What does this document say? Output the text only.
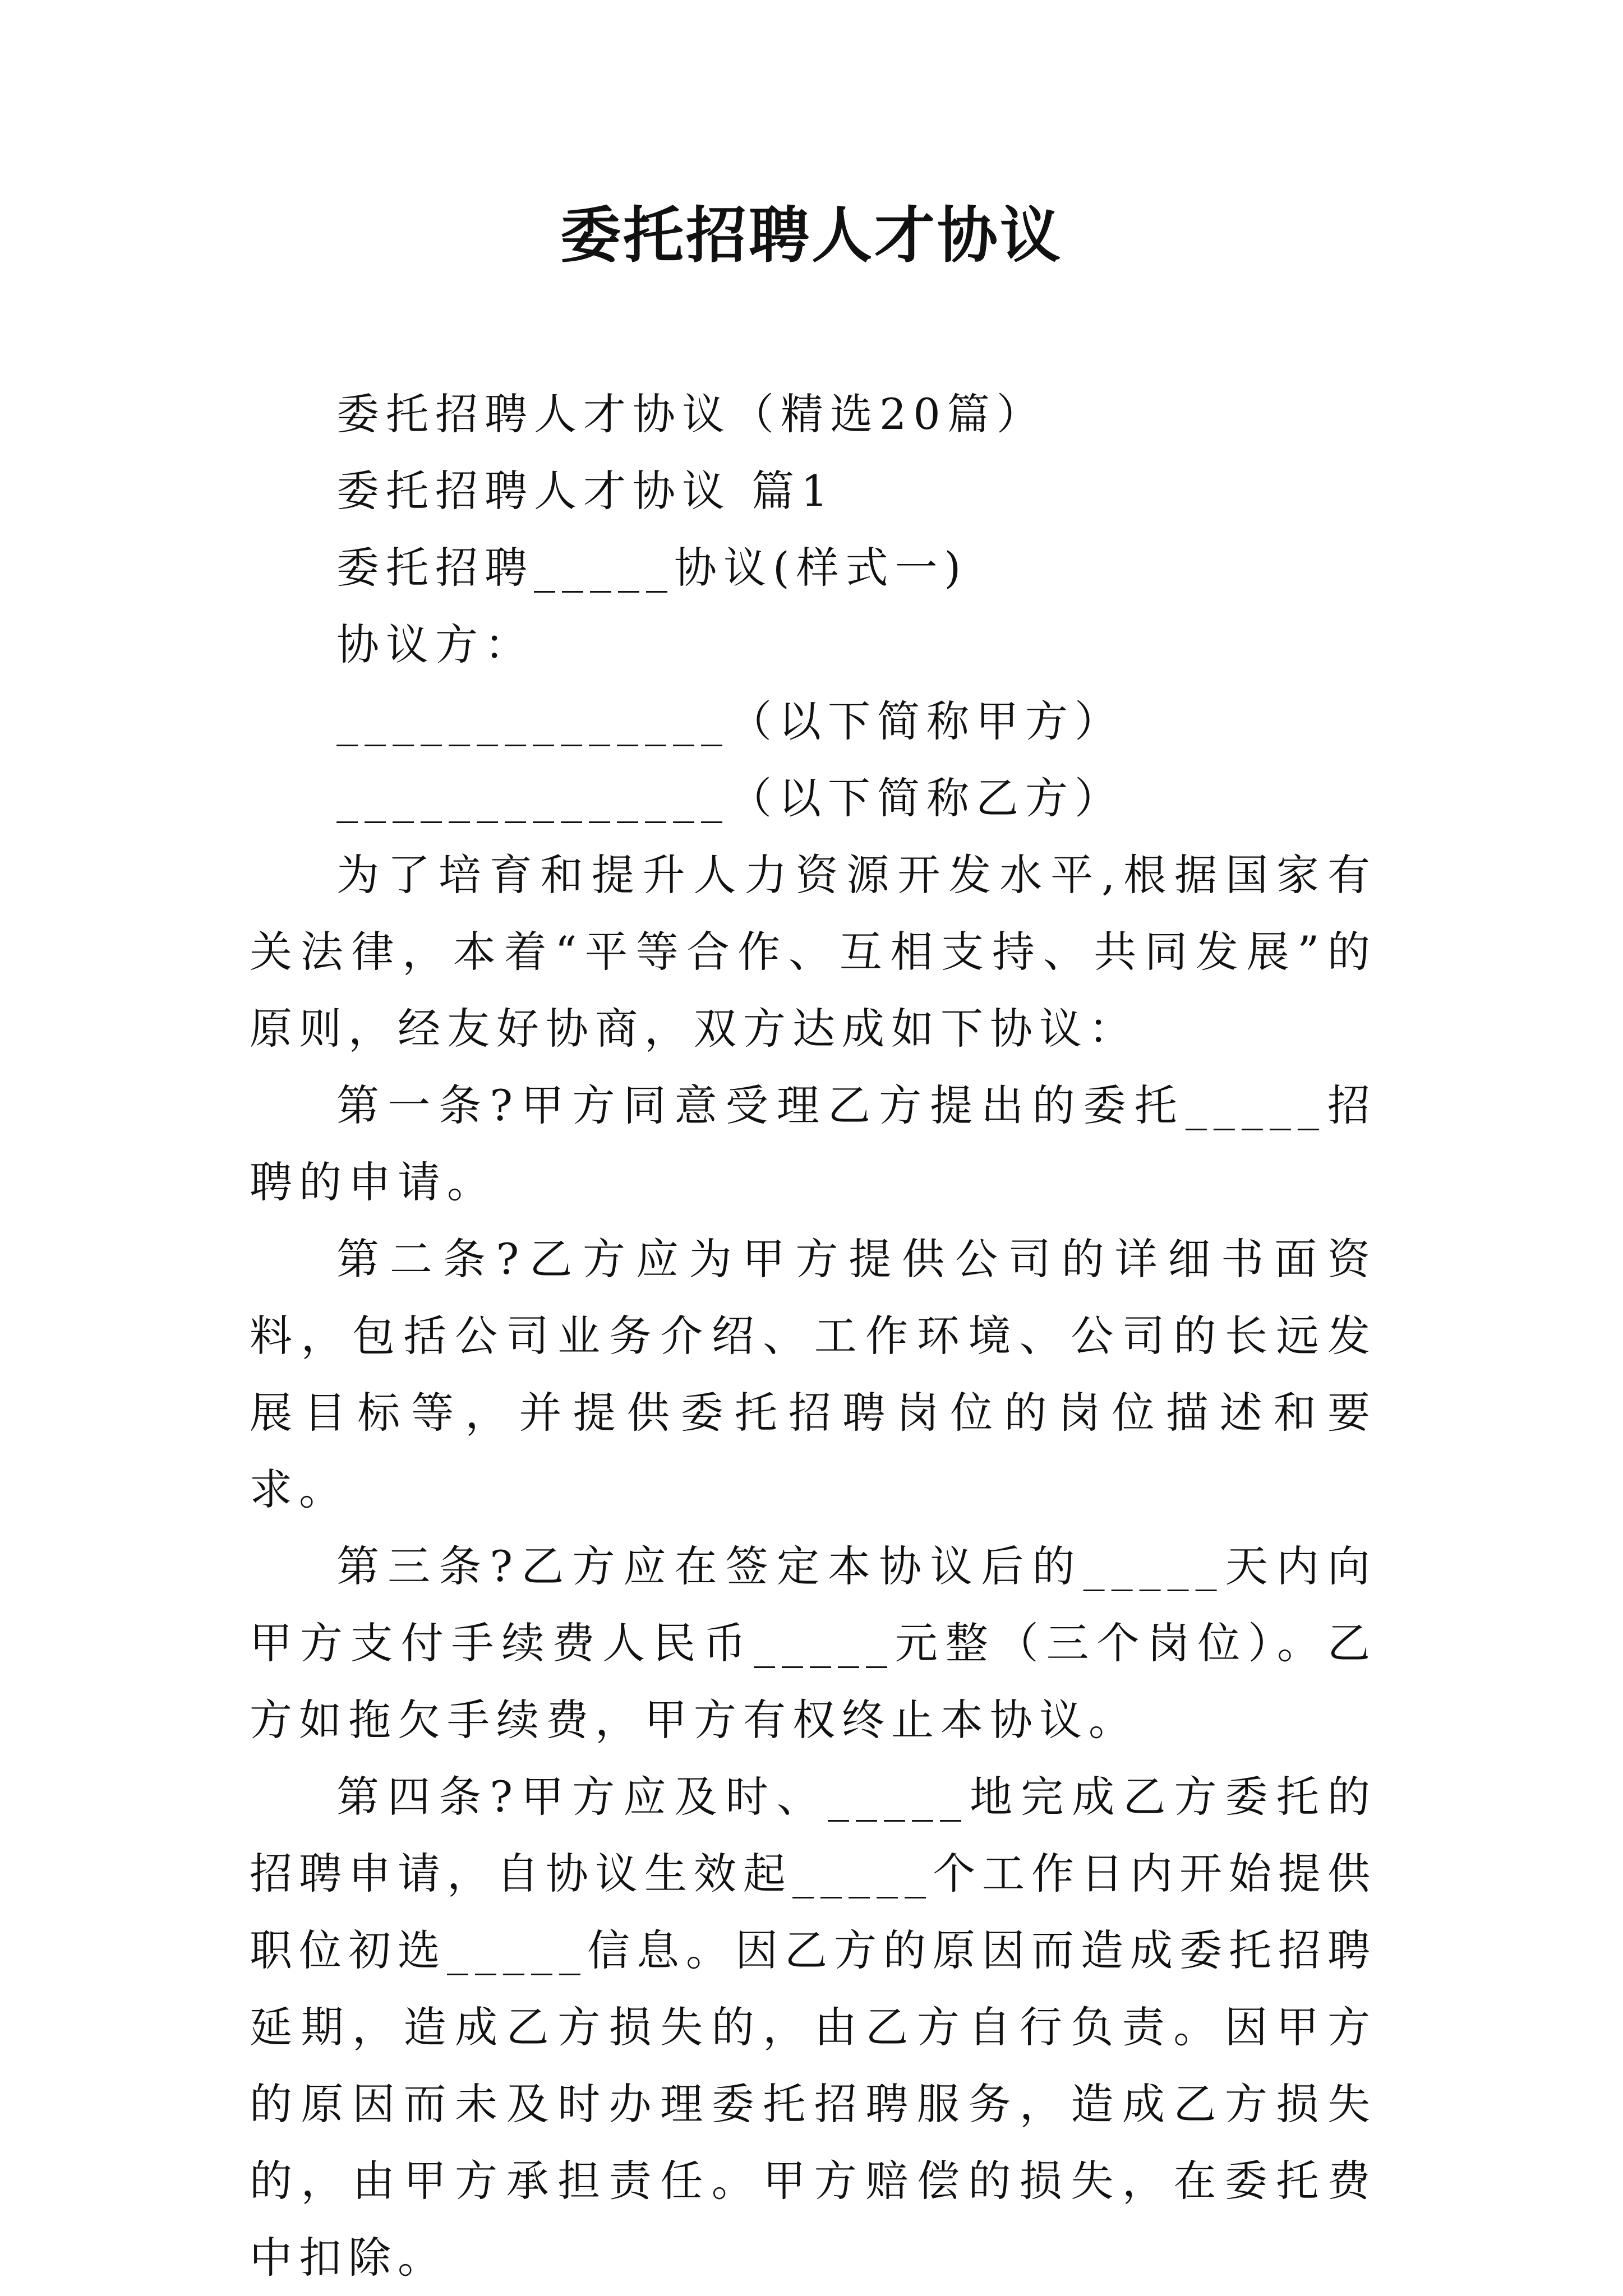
委托招聘人才协议

委托招聘人才协议（精选20篇）

委托招聘人才协议 篇1

委托招聘_____协议(样式一)

协议方：

______________（以下简称甲方）

______________（以下简称乙方）

为了培育和提升人力资源开发水平,根据国家有关法律，本着“平等合作、互相支持、共同发展”的原则，经友好协商，双方达成如下协议：

第一条?甲方同意受理乙方提出的委托_____招聘的申请。

第二条?乙方应为甲方提供公司的详细书面资料，包括公司业务介绍、工作环境、公司的长远发展目标等，并提供委托招聘岗位的岗位描述和要求。

第三条?乙方应在签定本协议后的_____天内向甲方支付手续费人民币_____元整（三个岗位）。乙方如拖欠手续费，甲方有权终止本协议。

第四条?甲方应及时、_____地完成乙方委托的招聘申请，自协议生效起_____个工作日内开始提供职位初选_____信息。因乙方的原因而造成委托招聘延期，造成乙方损失的，由乙方自行负责。因甲方的原因而未及时办理委托招聘服务，造成乙方损失的，由甲方承担责任。甲方赔偿的损失，在委托费中扣除。
